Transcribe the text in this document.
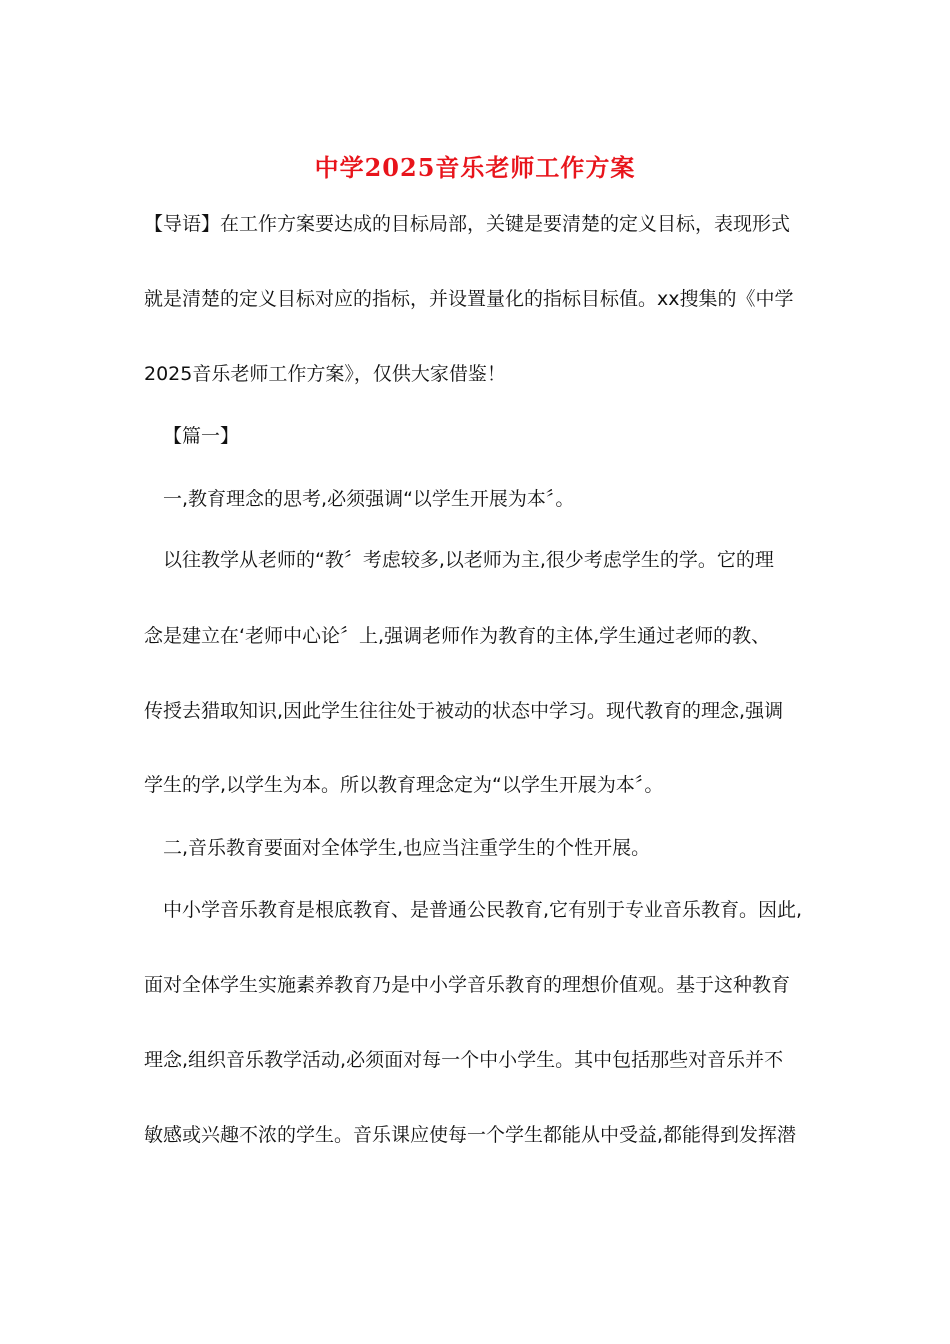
中学2025音乐老师工作方案

【导语】在工作方案要达成的目标局部，关键是要清楚的定义目标，表现形式

就是清楚的定义目标对应的指标，并设置量化的指标目标值。xx搜集的《中学

2025音乐老师工作方案》，仅供大家借鉴！

【篇一】

一,教育理念的思考,必须强调“以学生开展为本〞。

以往教学从老师的“教〞考虑较多,以老师为主,很少考虑学生的学。它的理

念是建立在‘老师中心论〞上,强调老师作为教育的主体,学生通过老师的教、

传授去猎取知识,因此学生往往处于被动的状态中学习。现代教育的理念,强调

学生的学,以学生为本。所以教育理念定为“以学生开展为本〞。

二,音乐教育要面对全体学生,也应当注重学生的个性开展。

中小学音乐教育是根底教育、是普通公民教育,它有别于专业音乐教育。因此,

面对全体学生实施素养教育乃是中小学音乐教育的理想价值观。基于这种教育

理念,组织音乐教学活动,必须面对每一个中小学生。其中包括那些对音乐并不

敏感或兴趣不浓的学生。音乐课应使每一个学生都能从中受益,都能得到发挥潜
